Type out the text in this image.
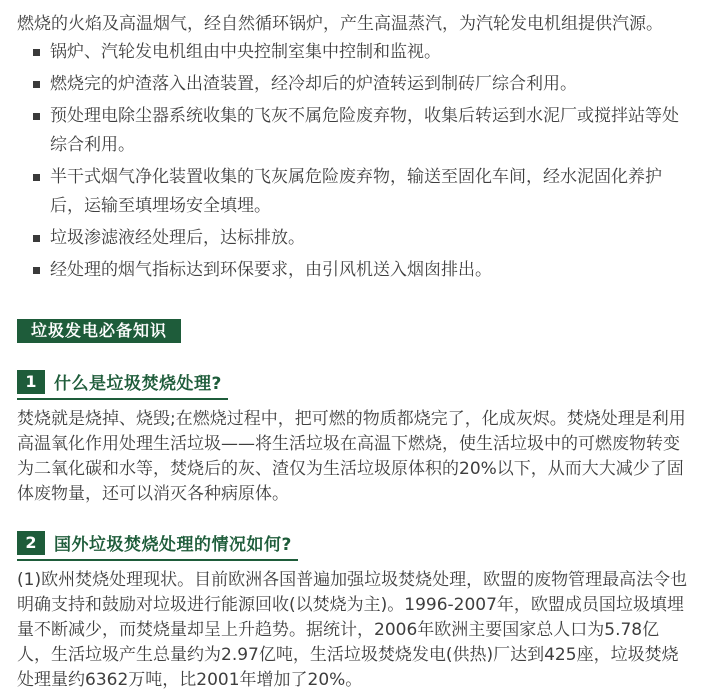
燃烧的火焰及高温烟气，经自然循环锅炉，产生高温蒸汽，为汽轮发电机组提供汽源。

锅炉、汽轮发电机组由中央控制室集中控制和监视。
燃烧完的炉渣落入出渣装置，经冷却后的炉渣转运到制砖厂综合利用。
预处理电除尘器系统收集的飞灰不属危险废弃物，收集后转运到水泥厂或搅拌站等处综合利用。
半干式烟气净化装置收集的飞灰属危险废弃物，输送至固化车间，经水泥固化养护后，运输至填埋场安全填埋。
垃圾渗滤液经处理后，达标排放。
经处理的烟气指标达到环保要求，由引风机送入烟囱排出。
垃圾发电必备知识
1	什么是垃圾焚烧处理?

焚烧就是烧掉、烧毁;在燃烧过程中，把可燃的物质都烧完了，化成灰烬。焚烧处理是利用高温氧化作用处理生活垃圾——将生活垃圾在高温下燃烧，使生活垃圾中的可燃废物转变为二氧化碳和水等，焚烧后的灰、渣仅为生活垃圾原体积的20%以下，从而大大减少了固体废物量，还可以消灭各种病原体。

2	国外垃圾焚烧处理的情况如何?

(1)欧州焚烧处理现状。目前欧洲各国普遍加强垃圾焚烧处理，欧盟的废物管理最高法令也明确支持和鼓励对垃圾进行能源回收(以焚烧为主)。1996-2007年，欧盟成员国垃圾填埋量不断减少，而焚烧量却呈上升趋势。据统计，2006年欧洲主要国家总人口为5.78亿人，生活垃圾产生总量约为2.97亿吨，生活垃圾焚烧发电(供热)厂达到425座，垃圾焚烧处理量约6362万吨，比2001年增加了20%。
